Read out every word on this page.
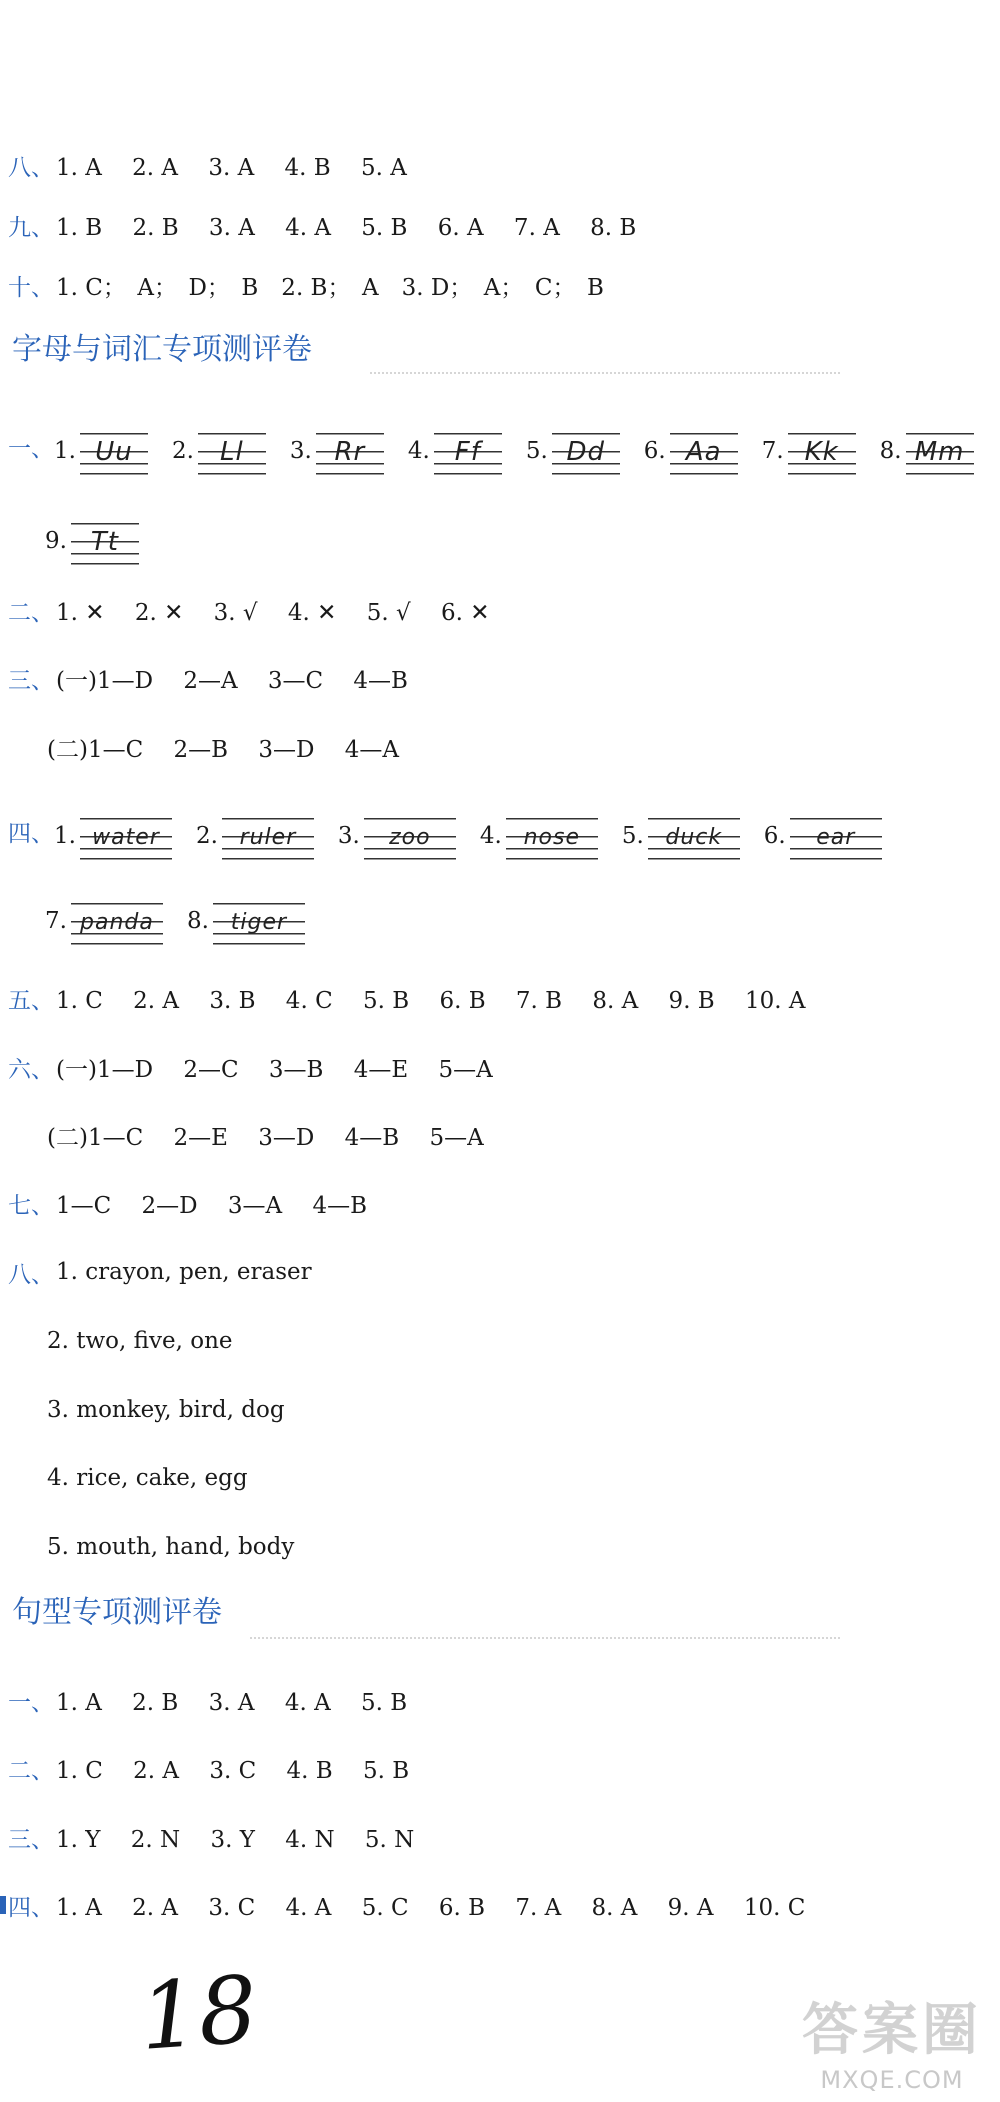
八、 1. A　 2. A　 3. A　 4. B　 5. A
九、 1. B　 2. B　 3. A　 4. A　 5. B　 6. A　 7. A　 8. B
十、 1. C；　A；　D；　B　2. B；　A　3. D；　A；　C；　B
字母与词汇专项测评卷
一、 1. Uu	2.	Ll	3. Rr	4. Ff	5. Dd	6. Aa	7. Kk	8. Mm
9. Tt
二、 1. ✕　 2. ✕　 3. √　 4. ✕　 5. √　 6. ✕
三、 (一)1—D　 2—A　 3—C　 4—B
(二)1—C　 2—B　 3—D　 4—A
四、 1. water	2. ruler	3.	zoo	4. nose	5. duck	6.	ear
7. panda	8. tiger
五、 1. C　 2. A　 3. B　 4. C　 5. B　 6. B　 7. B　 8. A　 9. B　 10. A
六、 (一)1—D　 2—C　 3—B　 4—E　 5—A
(二)1—C　 2—E　 3—D　 4—B　 5—A
七、 1—C　 2—D　 3—A　 4—B
八、 1. crayon, pen, eraser
2. two, five, one
3. monkey, bird, dog
4. rice, cake, egg
5. mouth, hand, body
句型专项测评卷
一、 1. A　 2. B　 3. A　 4. A　 5. B
二、 1. C　 2. A　 3. C　 4. B　 5. B
三、 1. Y　 2. N　 3. Y　 4. N　 5. N
四、 1. A　 2. A　 3. C　 4. A　 5. C　 6. B　 7. A　 8. A　 9. A　 10. C
18	答案圈
MXQE.COM
